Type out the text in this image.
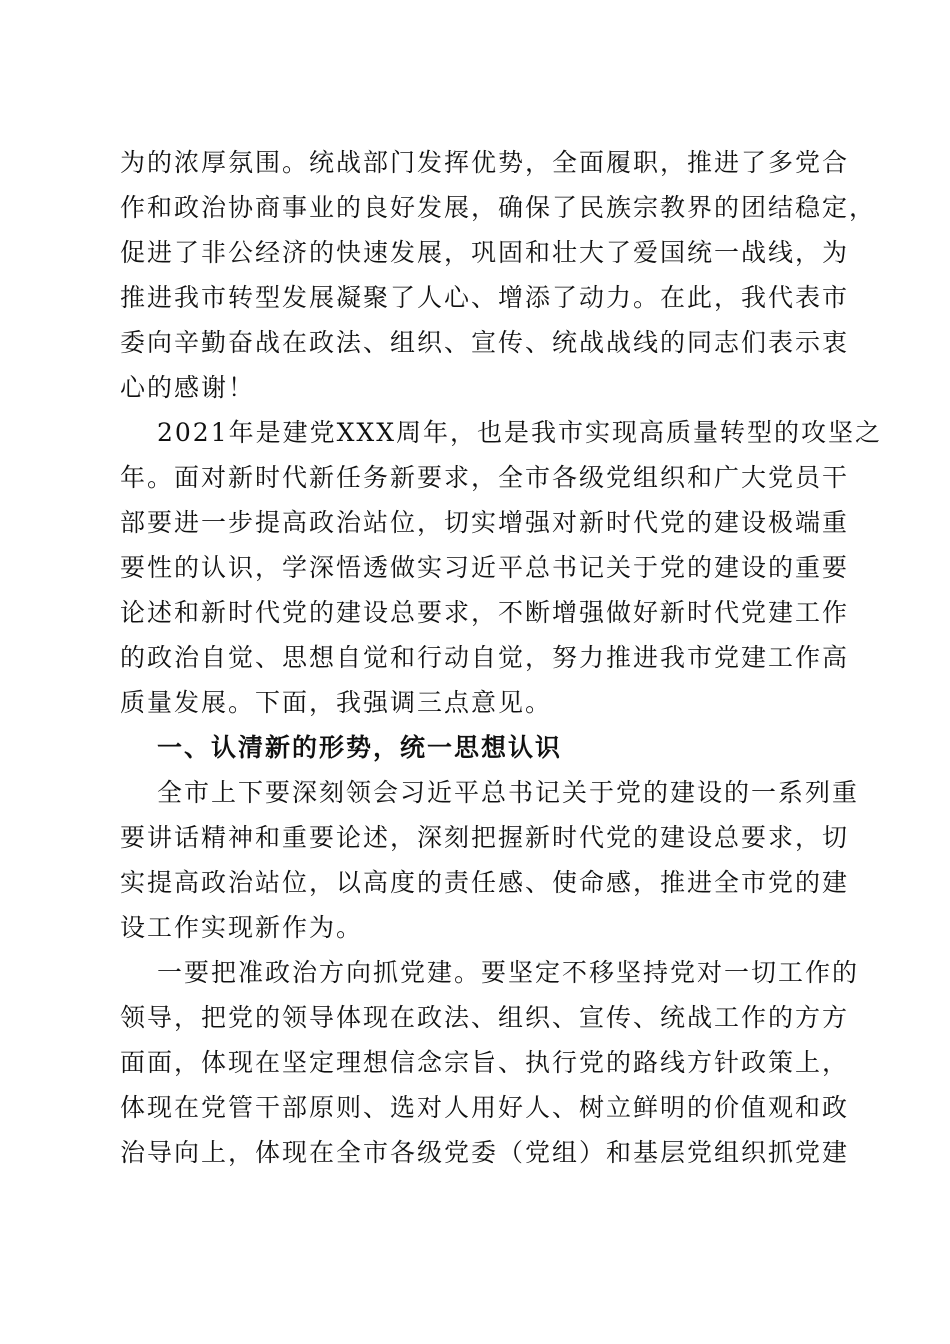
为的浓厚氛围。统战部门发挥优势，全面履职，推进了多党合
作和政治协商事业的良好发展，确保了民族宗教界的团结稳定，
促进了非公经济的快速发展，巩固和壮大了爱国统一战线，为
推进我市转型发展凝聚了人心、增添了动力。在此，我代表市
委向辛勤奋战在政法、组织、宣传、统战战线的同志们表示衷
心的感谢！
2021年是建党XXX周年，也是我市实现高质量转型的攻坚之
年。面对新时代新任务新要求，全市各级党组织和广大党员干
部要进一步提高政治站位，切实增强对新时代党的建设极端重
要性的认识，学深悟透做实习近平总书记关于党的建设的重要
论述和新时代党的建设总要求，不断增强做好新时代党建工作
的政治自觉、思想自觉和行动自觉，努力推进我市党建工作高
质量发展。下面，我强调三点意见。
一、认清新的形势，统一思想认识
全市上下要深刻领会习近平总书记关于党的建设的一系列重
要讲话精神和重要论述，深刻把握新时代党的建设总要求，切
实提高政治站位，以高度的责任感、使命感，推进全市党的建
设工作实现新作为。
一要把准政治方向抓党建。要坚定不移坚持党对一切工作的
领导，把党的领导体现在政法、组织、宣传、统战工作的方方
面面，体现在坚定理想信念宗旨、执行党的路线方针政策上，
体现在党管干部原则、选对人用好人、树立鲜明的价值观和政
治导向上，体现在全市各级党委（党组）和基层党组织抓党建
